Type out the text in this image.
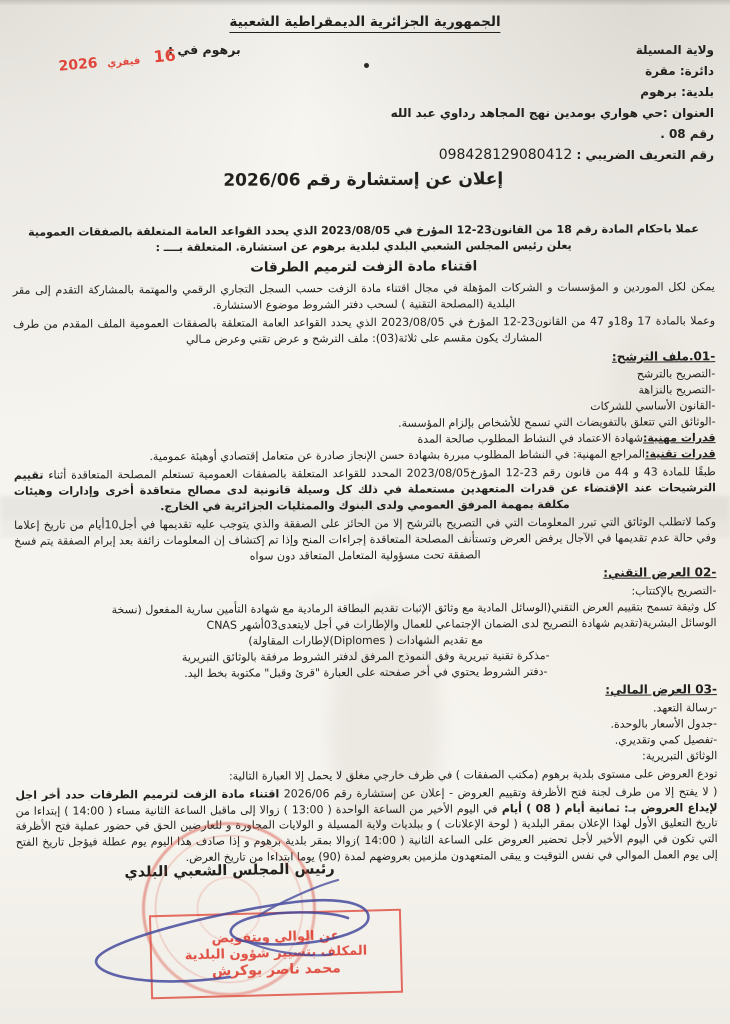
الجمهورية الجزائرية الديمقراطية الشعبية
ولاية المسيلة
دائرة: مقرة
بلدية: برهوم
العنوان :حي هواري بومدين نهج المجاهد رداوي عبد الله رقم 08 .
رقم التعريف الضريبي : 098428129080412
برهوم في :
16 فيفري 2026
إعلان عن إستشارة رقم 2026/06
عملا باحكام المادة رقم 18 من القانون23-12 المؤرخ في 2023/08/05 الذي يحدد القواعد العامة المتعلقة بالصفقات العمومية
يعلن رئيس المجلس الشعبي البلدي لبلدية برهوم عن استشارة. المتعلقة بــــ :
اقتناء مادة الزفت لترميم الطرقات
يمكن لكل الموردين و المؤسسات و الشركات المؤهلة في مجال اقتناء مادة الزفت حسب السجل التجاري الرقمي والمهتمة بالمشاركة التقدم إلى مقر البلدية (المصلحة التقنية ) لسحب دفتر الشروط موضوع الاستشارة.
وعملا بالمادة 17 و18و 47 من القانون23-12 المؤرخ في 2023/08/05 الذي يحدد القواعد العامة المتعلقة بالصفقات العمومية الملف المقدم من طرف المشارك يكون مقسم على ثلاثة(03): ملف الترشح و عرض تقني وعرض مـالي
-01.ملف الترشح:
-التصريح بالترشح
-التصريح بالنزاهة
-القانون الأساسي للشركات
-الوثائق التي تتعلق بالتفويضات التي تسمح للأشخاص بإلزام المؤسسة.
قدرات مهنية:شهادة الاعتماد في النشاط المطلوب صالحة المدة
قدرات تقنية:المراجع المهنية: في النشاط المطلوب مبررة بشهادة حسن الإنجاز صادرة عن متعامل إقتصادي أوهيئة عمومية.
طبقًا للمادة 43 و 44 من قانون رقم 23-12 المؤرخ2023/08/05 المحدد للقواعد المتعلقة بالصفقات العمومية تستعلم المصلحة المتعاقدة أثناء تقييم الترشيحات عند الإقتضاء عن قدرات المتعهدين مستعملة في ذلك كل وسيلة قانونية لدى مصالح متعاقدة أخرى وإدارات وهيئات مكلفة بمهمة المرفق العمومي ولدى البنوك والممثليات الجزائرية في الخارج.
وكما لاتطلب الوثائق التي تبرر المعلومات التي في التصريح بالترشح إلا من الحائز على الصفقة والذي يتوجب عليه تقديمها في أجل10أيام من تاريخ إعلاما وفي حالة عدم تقديمها في الآجال يرفض العرض وتستأنف المصلحة المتعاقدة إجراءات المنح وإذا تم إكتشاف إن المعلومات زائفة بعد إبرام الصفقة يتم فسخ الصفقة تحت مسؤولية المتعامل المتعاقد دون سواه
-02 العرض التقني:
-التصريح بالإكتتاب:
كل وثيقة تسمح بتقييم العرض التقني(الوسائل المادية مع وثائق الإثبات تقديم البطاقة الرمادية مع شهادة التأمين سارية المفعول (نسخة
الوسائل البشرية(تقديم شهادة التصريح لدى الضمان الإجتماعي للعمال والإطارات في أجل لايتعدى03أشهر CNAS
مع تقديم الشهادات ( Diplomes)لإطارات المقاولة)
-مذكرة تقنية تبريرية وفق النموذج المرفق لدفتر الشروط مرفقة بالوثائق التبريرية
-دفتر الشروط يحتوي في أخر صفحته على العبارة "قرئ وقبل" مكتوبة بخط اليد.
-03 العرض المالي:
-رسالة التعهد.
-جدول الأسعار بالوحدة.
-تفصيل كمي وتقديري.
الوثائق التبريرية:
تودع العروض على مستوى بلدية برهوم (مكتب الصفقات ) في ظرف خارجي مغلق لا يحمل إلا العبارة التالية:
( لا يفتح إلا من طرف لجنة فتح الأظرفة وتقييم العروض - إعلان عن إستشارة رقم 2026/06 اقتناء مادة الزفت لترميم الطرقات حدد أخر اجل لإيداع العروض بـ: ثمانية أيام ( 08 ) أيام في اليوم الأخير من الساعة الواحدة ( 13:00 ) زوالا إلى ماقبل الساعة الثانية مساء ( 14:00 ) إبتداءا من تاريخ التعليق الأول لهذا الإعلان بمقر البلدية ( لوحة الإعلانات ) و ببلديات ولاية المسيلة و الولايات المجاورة و للعارضين الحق في حضور عملية فتح الأظرفة التي تكون في اليوم الأخير لأجل تحضير العروض على الساعة الثانية ( 14:00 )زوالا بمقر بلدية برهوم و إذا صادف هذا اليوم يوم عطلة فيؤجل تاريخ الفتح إلى يوم العمل الموالي في نفس التوقيت و يبقى المتعهدون ملزمين بعروضهم لمدة (90) يوما ابتداءا من تاريخ العرض.
رئيس المجلس الشعبي البلدي
عن الوالي وبتفويض
المكلف بتسيير شؤون البلدية
محمد ناصر بوكرش
